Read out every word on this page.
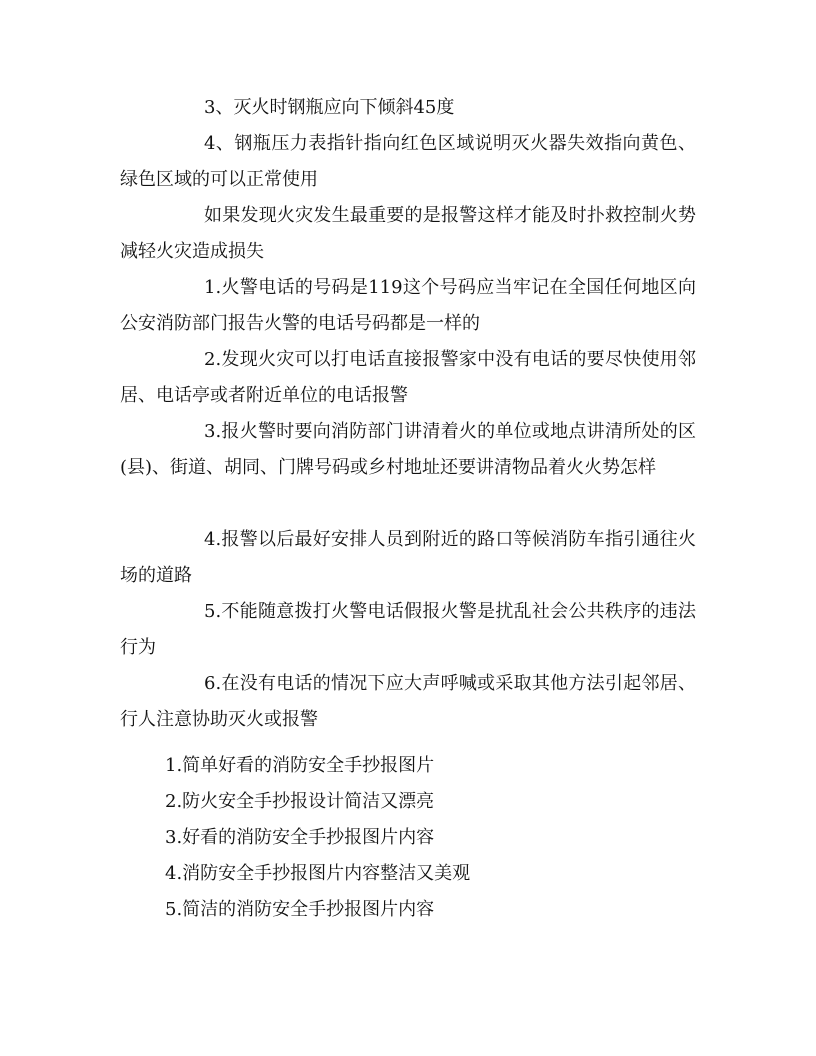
3、灭火时钢瓶应向下倾斜45度

4、钢瓶压力表指针指向红色区域说明灭火器失效指向黄色、绿色区域的可以正常使用

如果发现火灾发生最重要的是报警这样才能及时扑救控制火势减轻火灾造成损失

1.火警电话的号码是119这个号码应当牢记在全国任何地区向公安消防部门报告火警的电话号码都是一样的

2.发现火灾可以打电话直接报警家中没有电话的要尽快使用邻居、电话亭或者附近单位的电话报警

3.报火警时要向消防部门讲清着火的单位或地点讲清所处的区(县)、街道、胡同、门牌号码或乡村地址还要讲清物品着火火势怎样

4.报警以后最好安排人员到附近的路口等候消防车指引通往火场的道路

5.不能随意拨打火警电话假报火警是扰乱社会公共秩序的违法行为

6.在没有电话的情况下应大声呼喊或采取其他方法引起邻居、行人注意协助灭火或报警

1.简单好看的消防安全手抄报图片
2.防火安全手抄报设计简洁又漂亮
3.好看的消防安全手抄报图片内容
4.消防安全手抄报图片内容整洁又美观
5.简洁的消防安全手抄报图片内容
